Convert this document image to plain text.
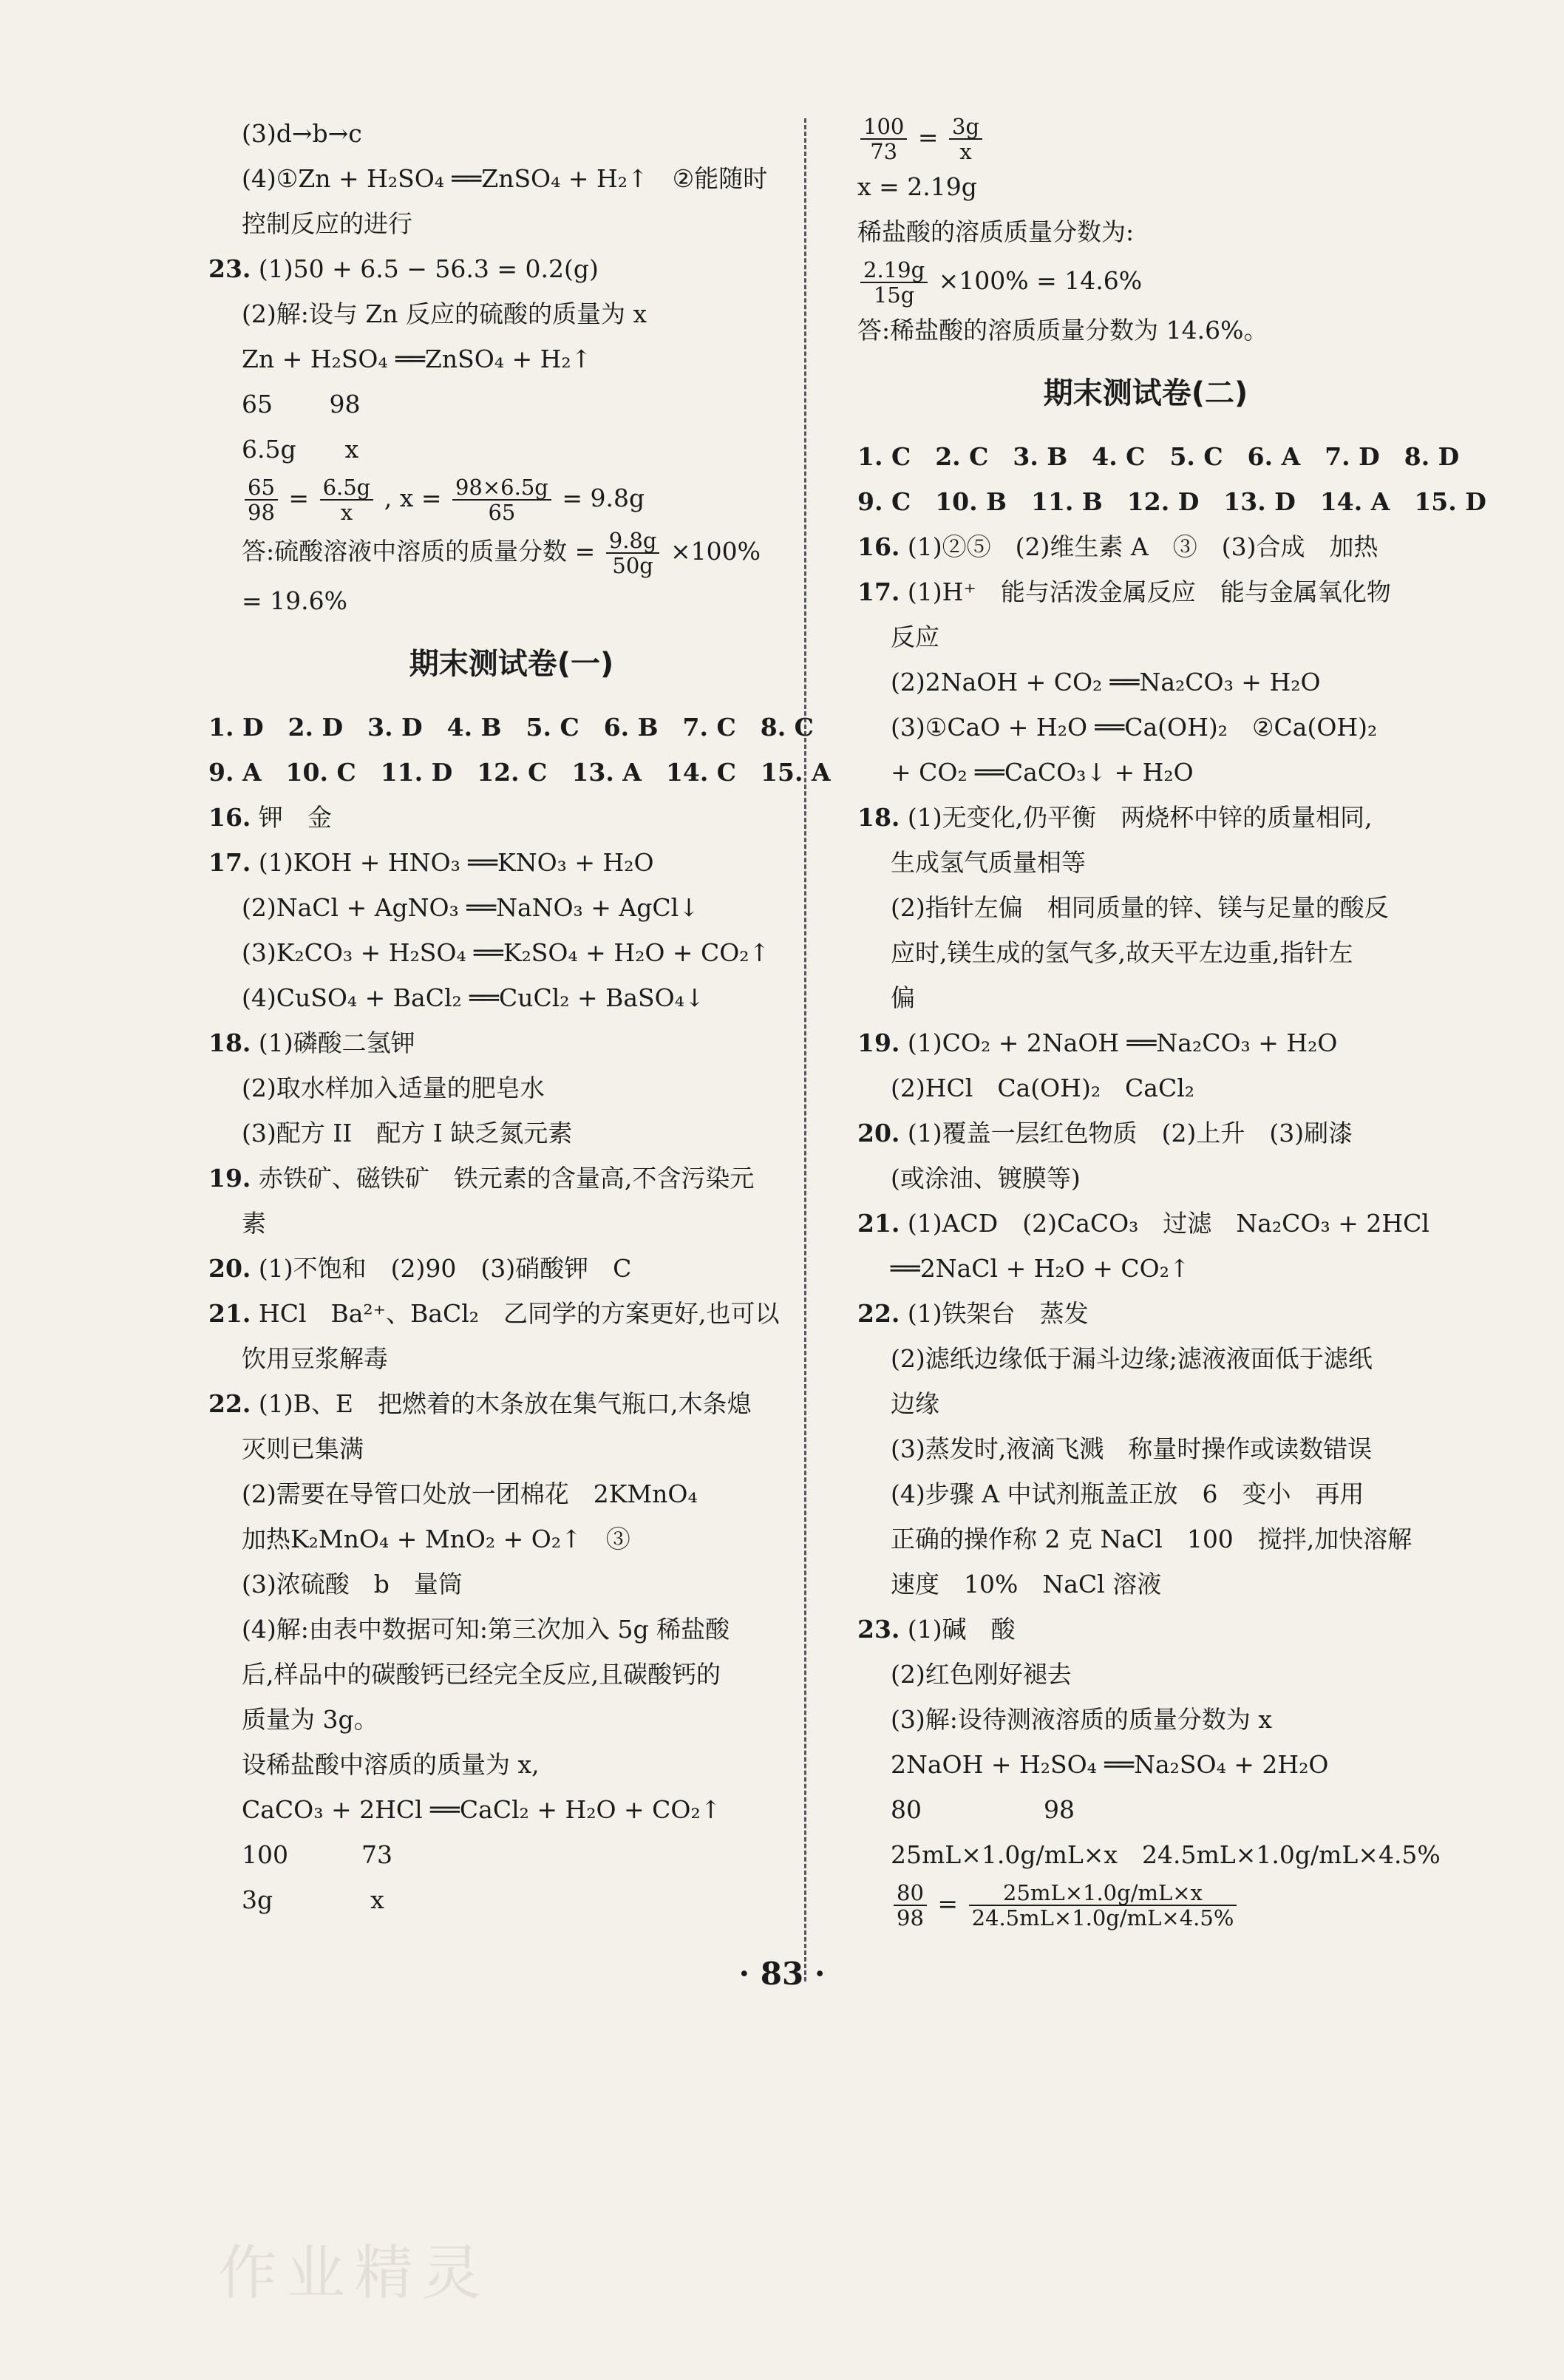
(3)d→b→c
(4)①Zn + H₂SO₄ ══ZnSO₄ + H₂↑　②能随时
控制反应的进行
23. (1)50 + 6.5 − 56.3 = 0.2(g)
(2)解:设与 Zn 反应的硫酸的质量为 x
Zn + H₂SO₄ ══ZnSO₄ + H₂↑
65　　 98
6.5g　　x
$\frac{65}{98} = \frac{6.5g}{x}$ , $x = \frac{98\times 6.5g}{65} = 9.8g$
答:硫酸溶液中溶质的质量分数 = $\frac{9.8g}{50g} \times 100\%$
= 19.6%
期末测试卷(一)
1. D　2. D　3. D　4. B　5. C　6. B　7. C　8. C
9. A　10. C　11. D　12. C　13. A　14. C　15. A
16. 钾　金
17. (1)KOH + HNO₃ ══KNO₃ + H₂O
(2)NaCl + AgNO₃ ══NaNO₃ + AgCl↓
(3)K₂CO₃ + H₂SO₄ ══K₂SO₄ + H₂O + CO₂↑
(4)CuSO₄ + BaCl₂ ══CuCl₂ + BaSO₄↓
18. (1)磷酸二氢钾
(2)取水样加入适量的肥皂水
(3)配方 II　配方 I 缺乏氮元素
19. 赤铁矿、磁铁矿　铁元素的含量高,不含污染元
素
20. (1)不饱和　(2)90　(3)硝酸钾　C
21. HCl　Ba²⁺、BaCl₂　乙同学的方案更好,也可以
饮用豆浆解毒
22. (1)B、E　把燃着的木条放在集气瓶口,木条熄
灭则已集满
(2)需要在导管口处放一团棉花　2KMnO₄
加热K₂MnO₄ + MnO₂ + O₂↑　③
(3)浓硫酸　b　量筒
(4)解:由表中数据可知:第三次加入 5g 稀盐酸
后,样品中的碳酸钙已经完全反应,且碳酸钙的
质量为 3g。
设稀盐酸中溶质的质量为 x,
CaCO₃ + 2HCl ══CaCl₂ + H₂O + CO₂↑
100　　　73
3g　　　　x
$\frac{100}{73} = \frac{3g}{x}$
x = 2.19g
稀盐酸的溶质质量分数为:
$\frac{2.19g}{15g} \times 100\% = 14.6\%$
答:稀盐酸的溶质质量分数为 14.6%。
期末测试卷(二)
1. C　2. C　3. B　4. C　5. C　6. A　7. D　8. D
9. C　10. B　11. B　12. D　13. D　14. A　15. D
16. (1)②⑤　(2)维生素 A　③　(3)合成　加热
17. (1)H⁺　能与活泼金属反应　能与金属氧化物
反应
(2)2NaOH + CO₂ ══Na₂CO₃ + H₂O
(3)①CaO + H₂O ══Ca(OH)₂　②Ca(OH)₂
+ CO₂ ══CaCO₃↓ + H₂O
18. (1)无变化,仍平衡　两烧杯中锌的质量相同,
生成氢气质量相等
(2)指针左偏　相同质量的锌、镁与足量的酸反
应时,镁生成的氢气多,故天平左边重,指针左
偏
19. (1)CO₂ + 2NaOH ══Na₂CO₃ + H₂O
(2)HCl　Ca(OH)₂　CaCl₂
20. (1)覆盖一层红色物质　(2)上升　(3)刷漆
(或涂油、镀膜等)
21. (1)ACD　(2)CaCO₃　过滤　Na₂CO₃ + 2HCl
══2NaCl + H₂O + CO₂↑
22. (1)铁架台　蒸发
(2)滤纸边缘低于漏斗边缘;滤液液面低于滤纸
边缘
(3)蒸发时,液滴飞溅　称量时操作或读数错误
(4)步骤 A 中试剂瓶盖正放　6　变小　再用
正确的操作称 2 克 NaCl　100　搅拌,加快溶解
速度　10%　NaCl 溶液
23. (1)碱　酸
(2)红色刚好褪去
(3)解:设待测液溶质的质量分数为 x
2NaOH + H₂SO₄ ══Na₂SO₄ + 2H₂O
80　　　　　98
25mL×1.0g/mL×x　24.5mL×1.0g/mL×4.5%
$\frac{80}{98} = \frac{25mL\times 1.0g/mL\times x}{24.5mL\times 1.0g/mL\times 4.5\%}$
· 83 ·
作业精灵
